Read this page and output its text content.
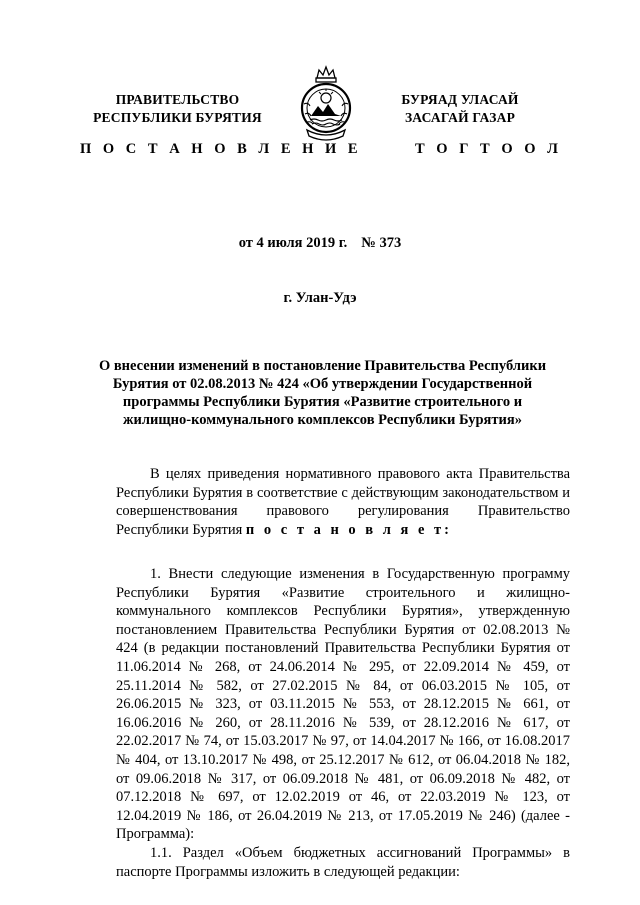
ПРАВИТЕЛЬСТВО
РЕСПУБЛИКИ БУРЯТИЯ
П О С Т А Н О В Л Е Н И Е
БУРЯАД УЛАСАЙ
ЗАСАГАЙ ГАЗАР
Т О Г Т О О Л
от 4 июля 2019 г. № 373
г. Улан-Удэ
О внесении изменений в постановление Правительства Республики Бурятия от 02.08.2013 № 424 «Об утверждении Государственной программы Республики Бурятия «Развитие строительного и жилищно-коммунального комплексов Республики Бурятия»

В целях приведения нормативного правового акта Правительства Республики Бурятия в соответствие с действующим законодательством и совершенствования правового регулирования Правительство Республики Бурятия п о с т а н о в л я е т:

1. Внести следующие изменения в Государственную программу Республики Бурятия «Развитие строительного и жилищно-коммунального комплексов Республики Бурятия», утвержденную постановлением Правительства Республики Бурятия от 02.08.2013 № 424 (в редакции постановлений Правительства Республики Бурятия от 11.06.2014 № 268, от 24.06.2014 № 295, от 22.09.2014 № 459, от 25.11.2014 № 582, от 27.02.2015 № 84, от 06.03.2015 № 105, от 26.06.2015 № 323, от 03.11.2015 № 553, от 28.12.2015 № 661, от 16.06.2016 № 260, от 28.11.2016 № 539, от 28.12.2016 № 617, от 22.02.2017 № 74, от 15.03.2017 № 97, от 14.04.2017 № 166, от 16.08.2017 № 404, от 13.10.2017 № 498, от 25.12.2017 № 612, от 06.04.2018 № 182, от 09.06.2018 № 317, от 06.09.2018 № 481, от 06.09.2018 № 482, от 07.12.2018 № 697, от 12.02.2019 от 46, от 22.03.2019 № 123, от 12.04.2019 № 186, от 26.04.2019 № 213, от 17.05.2019 № 246) (далее - Программа):

1.1. Раздел «Объем бюджетных ассигнований Программы» в паспорте Программы изложить в следующей редакции:
